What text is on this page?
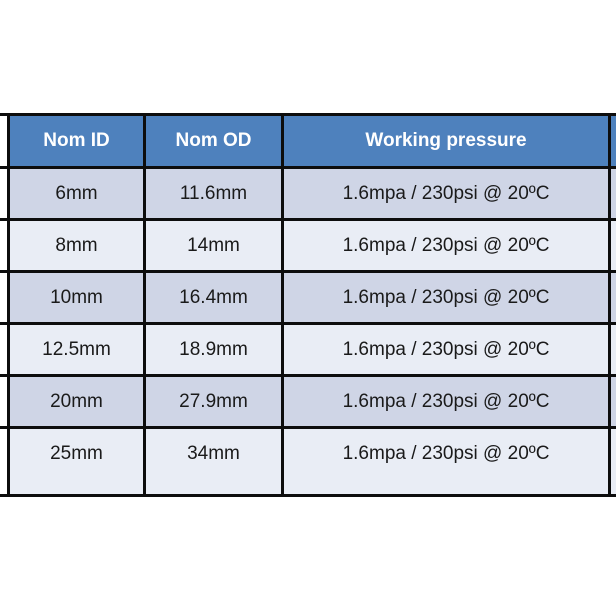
	Nom ID	Nom OD	Working pressure	
	6mm	11.6mm	1.6mpa / 230psi @ 20ºC	
	8mm	14mm	1.6mpa / 230psi @ 20ºC	
	10mm	16.4mm	1.6mpa / 230psi @ 20ºC	
	12.5mm	18.9mm	1.6mpa / 230psi @ 20ºC	
	20mm	27.9mm	1.6mpa / 230psi @ 20ºC	
	25mm	34mm	1.6mpa / 230psi @ 20ºC	
